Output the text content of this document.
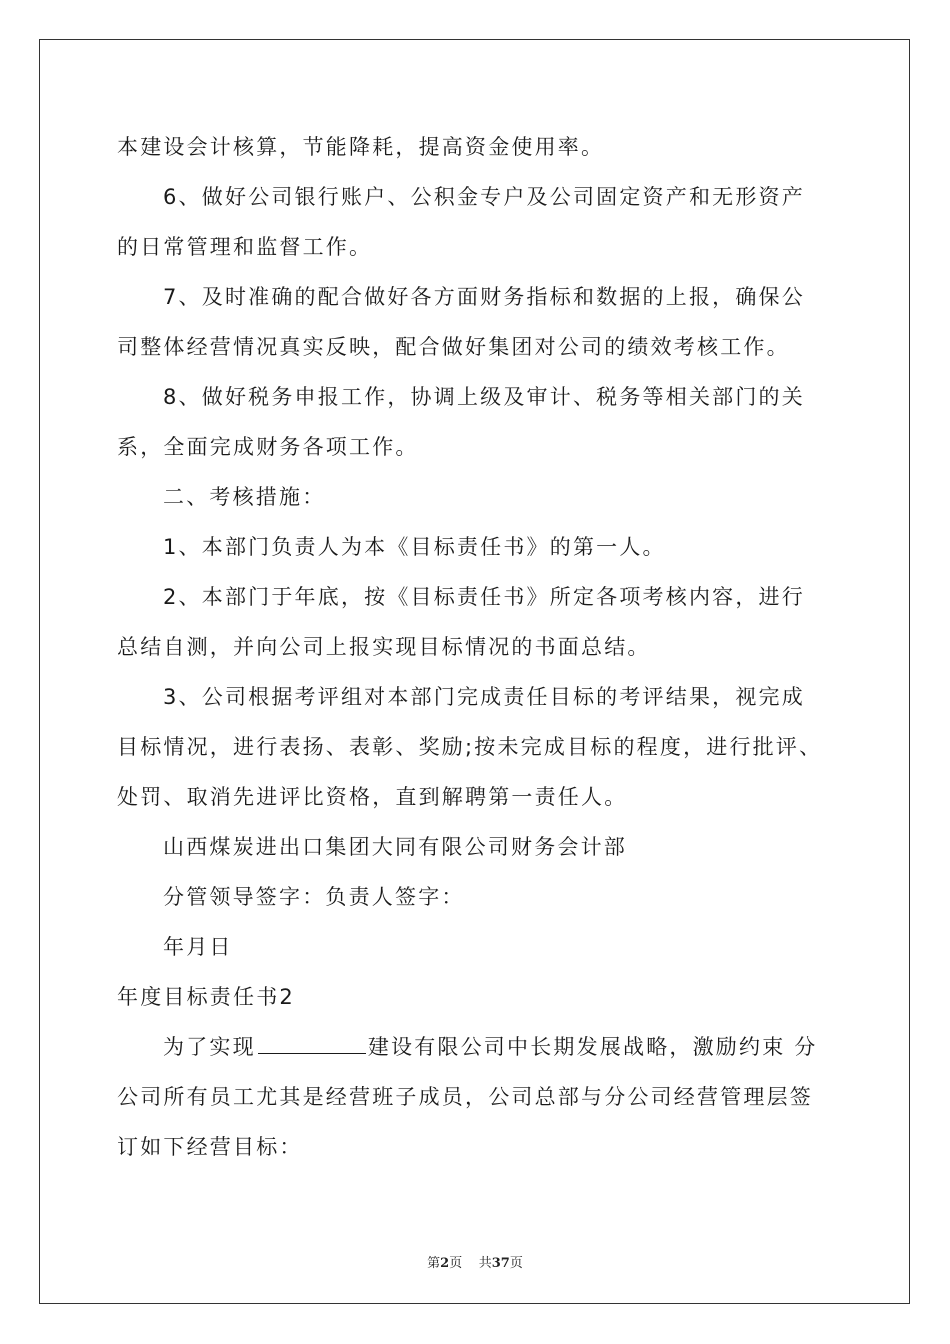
本建设会计核算，节能降耗，提高资金使用率。
6、做好公司银行账户、公积金专户及公司固定资产和无形资产
的日常管理和监督工作。
7、及时准确的配合做好各方面财务指标和数据的上报，确保公
司整体经营情况真实反映，配合做好集团对公司的绩效考核工作。
8、做好税务申报工作，协调上级及审计、税务等相关部门的关
系，全面完成财务各项工作。
二、考核措施：
1、本部门负责人为本《目标责任书》的第一人。
2、本部门于年底，按《目标责任书》所定各项考核内容，进行
总结自测，并向公司上报实现目标情况的书面总结。
3、公司根据考评组对本部门完成责任目标的考评结果，视完成
目标情况，进行表扬、表彰、奖励;按未完成目标的程度，进行批评、
处罚、取消先进评比资格，直到解聘第一责任人。
山西煤炭进出口集团大同有限公司财务会计部
分管领导签字：负责人签字：
年月日
年度目标责任书2
为了实现	建设有限公司中长期发展战略，激励约束 分
公司所有员工尤其是经营班子成员，公司总部与分公司经营管理层签
订如下经营目标：
第2页    共37页
